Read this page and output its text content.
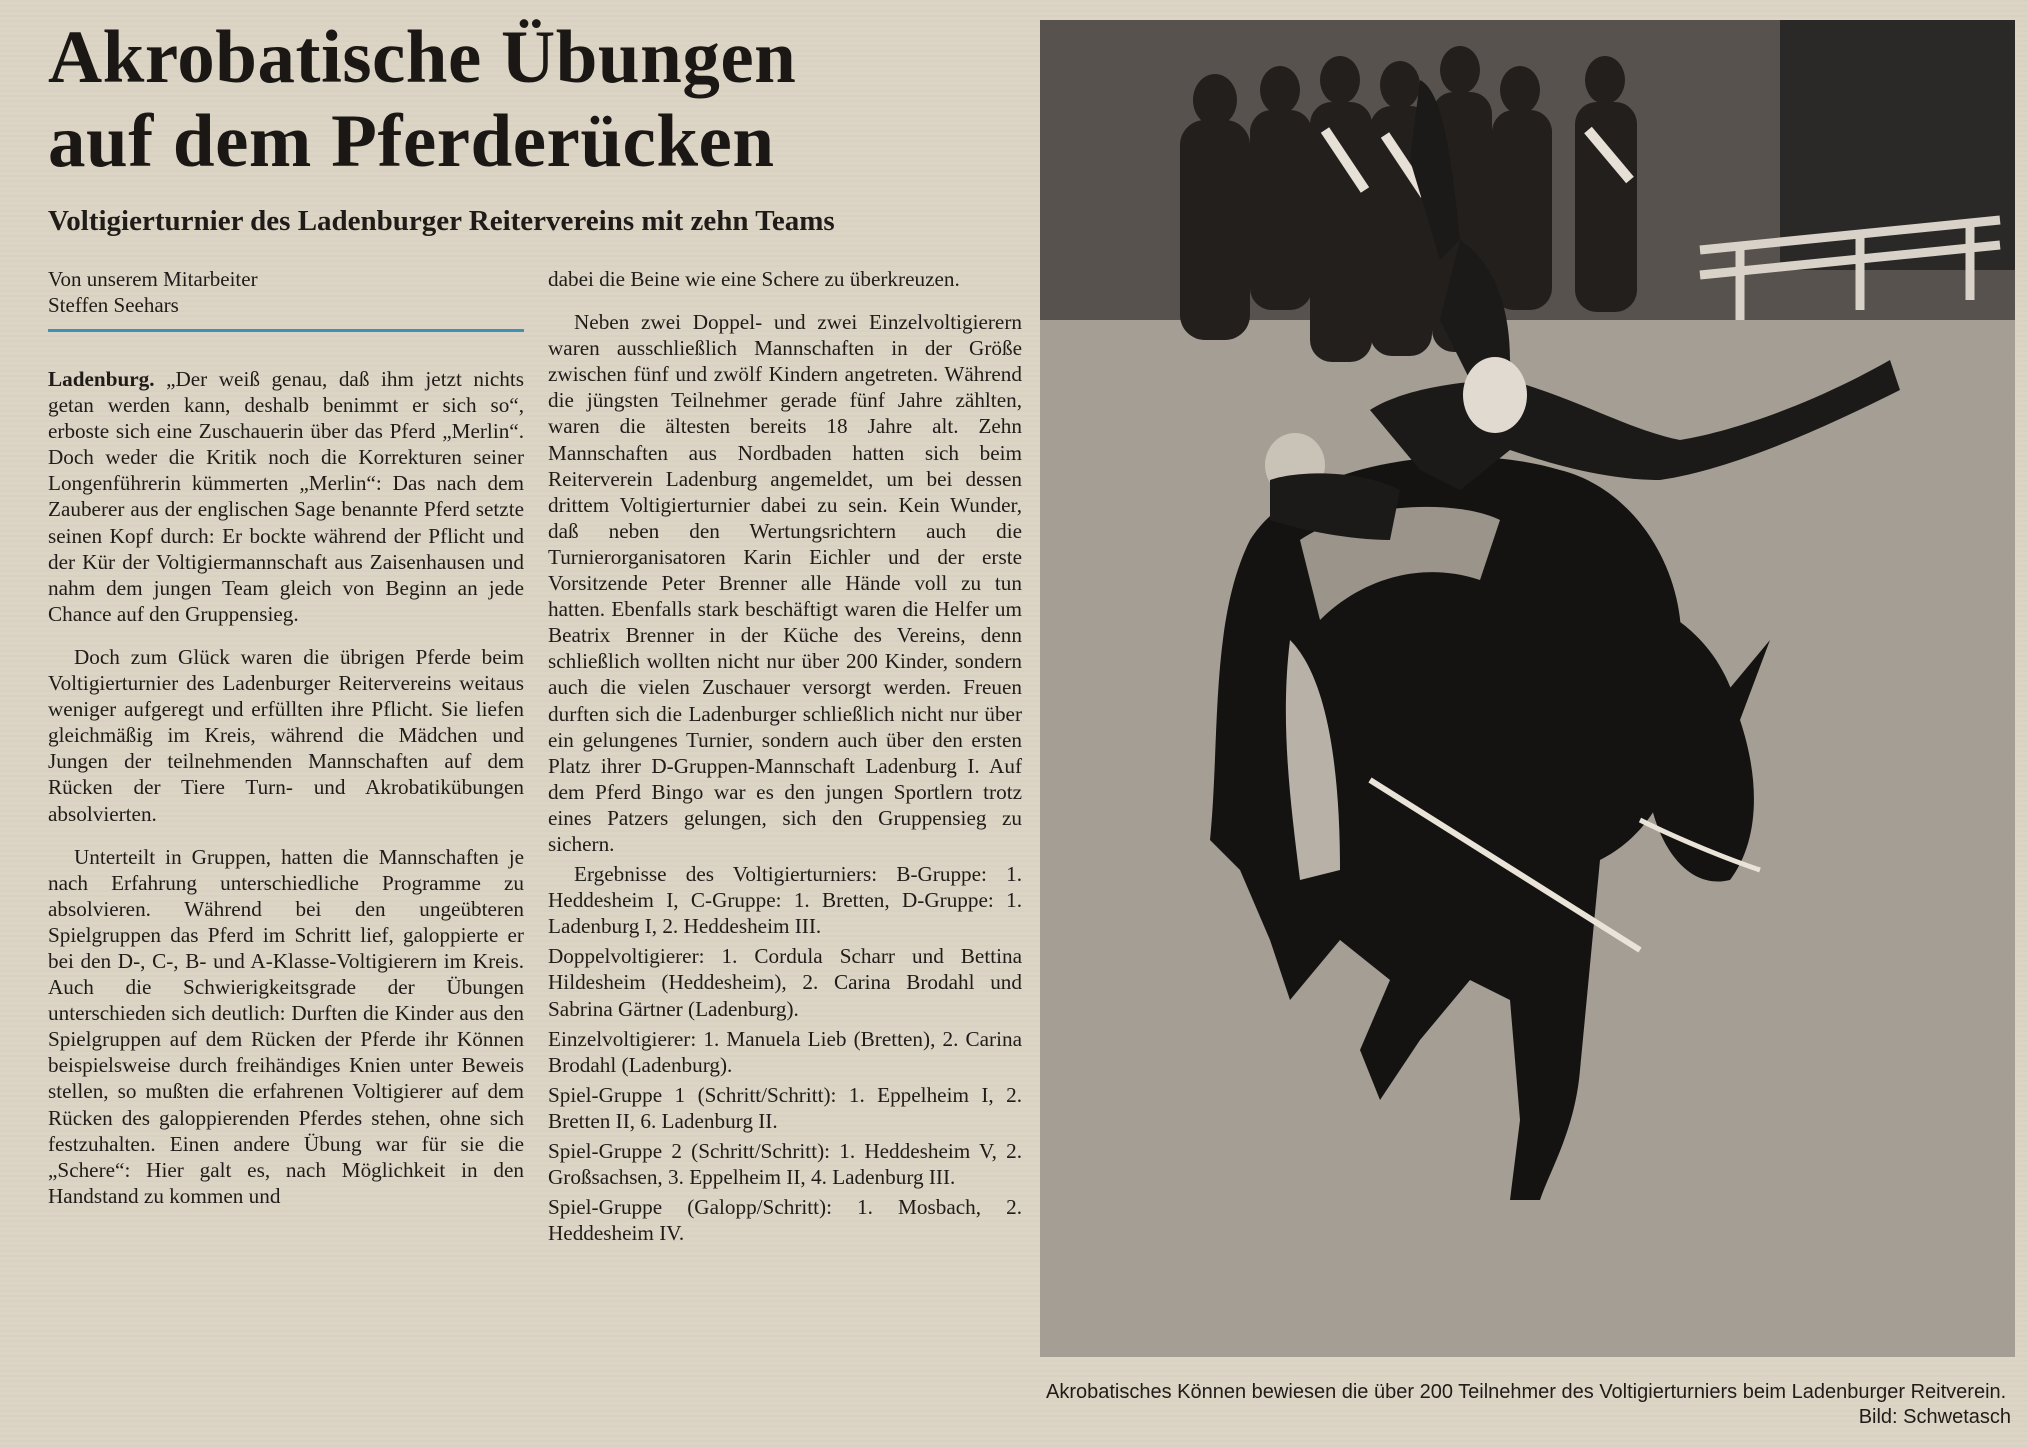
Akrobatische Übungen
auf dem Pferderücken
Voltigierturnier des Ladenburger Reitervereins mit zehn Teams
Von unserem Mitarbeiter
Steffen Seehars

Ladenburg. „Der weiß genau, daß ihm jetzt nichts getan werden kann, deshalb benimmt er sich so“, erboste sich eine Zuschauerin über das Pferd „Merlin“. Doch weder die Kritik noch die Korrekturen seiner Longenführerin kümmerten „Merlin“: Das nach dem Zauberer aus der englischen Sage benannte Pferd setzte seinen Kopf durch: Er bockte während der Pflicht und der Kür der Voltigiermannschaft aus Zaisenhausen und nahm dem jungen Team gleich von Beginn an jede Chance auf den Gruppensieg.

Doch zum Glück waren die übrigen Pferde beim Voltigierturnier des Ladenburger Reitervereins weitaus weniger aufgeregt und erfüllten ihre Pflicht. Sie liefen gleichmäßig im Kreis, während die Mädchen und Jungen der teilnehmenden Mannschaften auf dem Rücken der Tiere Turn- und Akrobatikübungen absolvierten.

Unterteilt in Gruppen, hatten die Mannschaften je nach Erfahrung unterschiedliche Programme zu absolvieren. Während bei den ungeübteren Spielgruppen das Pferd im Schritt lief, galoppierte er bei den D-, C-, B- und A-Klasse-Voltigierern im Kreis. Auch die Schwierigkeitsgrade der Übungen unterschieden sich deutlich: Durften die Kinder aus den Spielgruppen auf dem Rücken der Pferde ihr Können beispielsweise durch freihändiges Knien unter Beweis stellen, so mußten die erfahrenen Voltigierer auf dem Rücken des galoppierenden Pferdes stehen, ohne sich festzuhalten. Einen andere Übung war für sie die „Schere“: Hier galt es, nach Möglichkeit in den Handstand zu kommen und

dabei die Beine wie eine Schere zu überkreuzen.

Neben zwei Doppel- und zwei Einzelvoltigierern waren ausschließlich Mannschaften in der Größe zwischen fünf und zwölf Kindern angetreten. Während die jüngsten Teilnehmer gerade fünf Jahre zählten, waren die ältesten bereits 18 Jahre alt. Zehn Mannschaften aus Nordbaden hatten sich beim Reiterverein Ladenburg angemeldet, um bei dessen drittem Voltigierturnier dabei zu sein. Kein Wunder, daß neben den Wertungsrichtern auch die Turnierorganisatoren Karin Eichler und der erste Vorsitzende Peter Brenner alle Hände voll zu tun hatten. Ebenfalls stark beschäftigt waren die Helfer um Beatrix Brenner in der Küche des Vereins, denn schließlich wollten nicht nur über 200 Kinder, sondern auch die vielen Zuschauer versorgt werden. Freuen durften sich die Ladenburger schließlich nicht nur über ein gelungenes Turnier, sondern auch über den ersten Platz ihrer D-Gruppen-Mannschaft Ladenburg I. Auf dem Pferd Bingo war es den jungen Sportlern trotz eines Patzers gelungen, sich den Gruppensieg zu sichern.

Ergebnisse des Voltigierturniers: B-Gruppe: 1. Heddesheim I, C-Gruppe: 1. Bretten, D-Gruppe: 1. Ladenburg I, 2. Heddesheim III.

Doppelvoltigierer: 1. Cordula Scharr und Bettina Hildesheim (Heddesheim), 2. Carina Brodahl und Sabrina Gärtner (Ladenburg).

Einzelvoltigierer: 1. Manuela Lieb (Bretten), 2. Carina Brodahl (Ladenburg).

Spiel-Gruppe 1 (Schritt/Schritt): 1. Eppelheim I, 2. Bretten II, 6. Ladenburg II.

Spiel-Gruppe 2 (Schritt/Schritt): 1. Heddesheim V, 2. Großsachsen, 3. Eppelheim II, 4. Ladenburg III.

Spiel-Gruppe (Galopp/Schritt): 1. Mosbach, 2. Heddesheim IV.

Akrobatisches Können bewiesen die über 200 Teilnehmer des Voltigierturniers beim Ladenburger Reitverein.
Bild: Schwetasch
